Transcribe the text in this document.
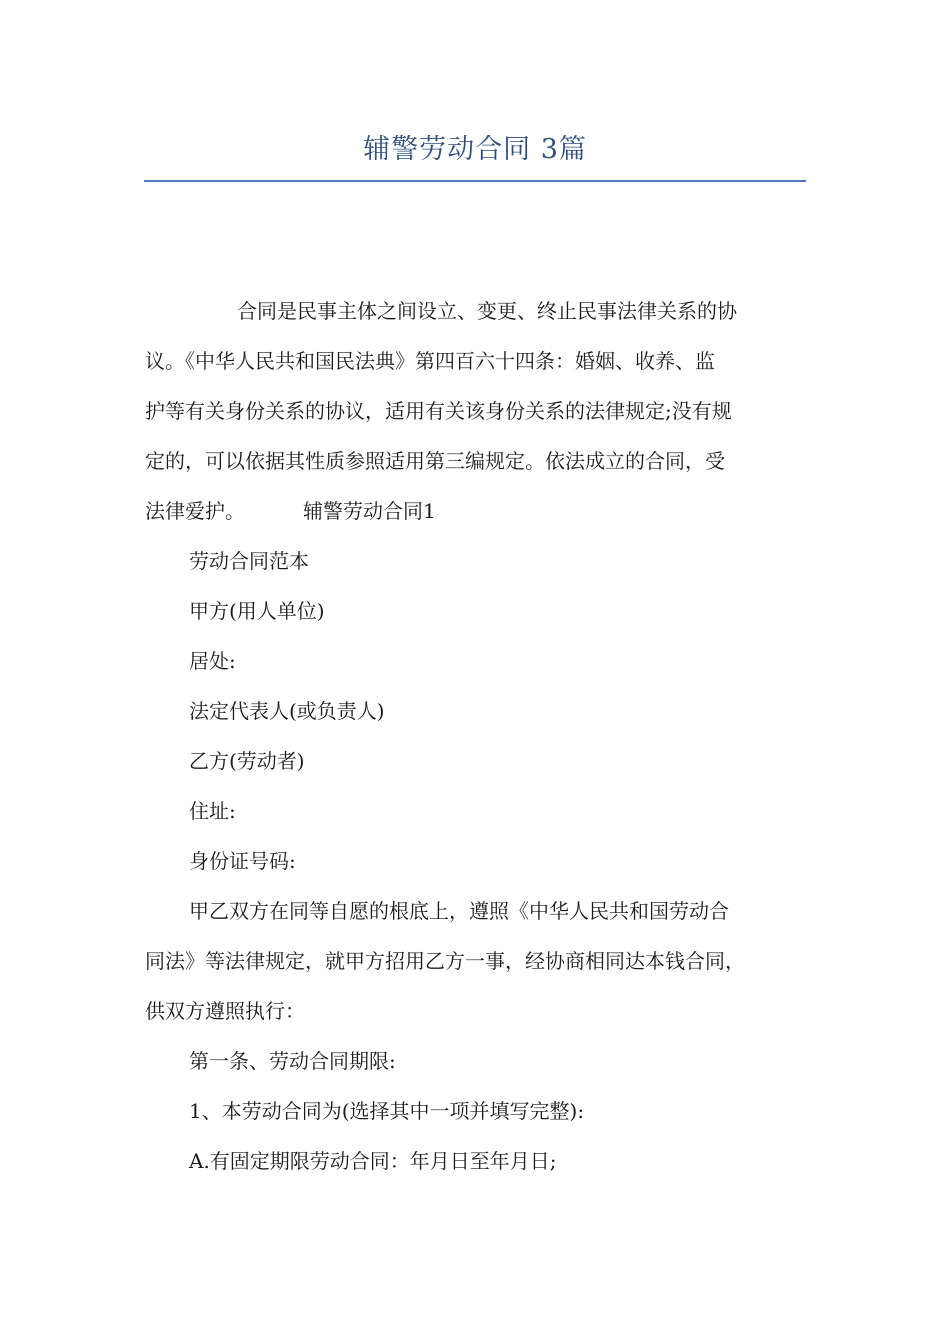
辅警劳动合同 3篇

合同是民事主体之间设立、变更、终止民事法律关系的协

议。《中华人民共和国民法典》第四百六十四条：婚姻、收养、监

护等有关身份关系的协议，适用有关该身份关系的法律规定;没有规

定的，可以依据其性质参照适用第三编规定。依法成立的合同，受

法律爱护。	辅警劳动合同1

劳动合同范本

甲方(用人单位)

居处:

法定代表人(或负责人)

乙方(劳动者)

住址:

身份证号码:

甲乙双方在同等自愿的根底上，遵照《中华人民共和国劳动合

同法》等法律规定，就甲方招用乙方一事，经协商相同达本钱合同，

供双方遵照执行：

第一条、劳动合同期限:

1、本劳动合同为(选择其中一项并填写完整):

A.有固定期限劳动合同：年月日至年月日;
